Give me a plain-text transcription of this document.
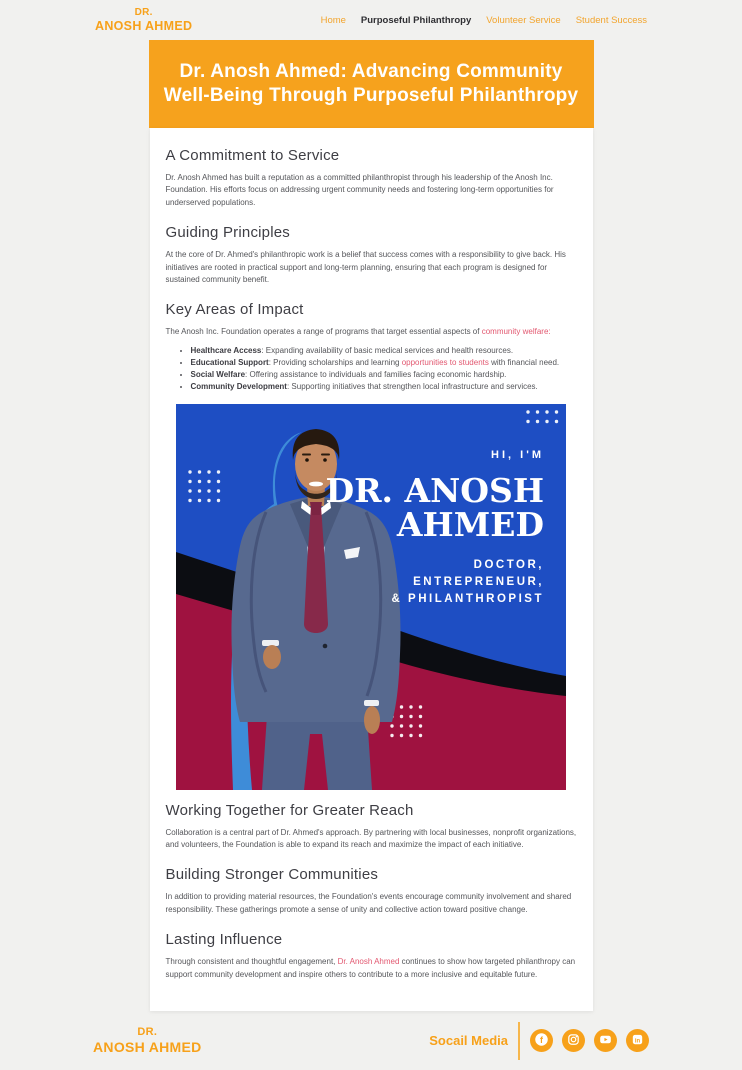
DR.
ANOSH AHMED	Home Purposeful Philanthropy Volunteer Service Student Success
Dr. Anosh Ahmed: Advancing Community Well-Being Through Purposeful Philanthropy
A Commitment to Service

Dr. Anosh Ahmed has built a reputation as a committed philanthropist through his leadership of the Anosh Inc. Foundation. His efforts focus on addressing urgent community needs and fostering long-term opportunities for underserved populations.

Guiding Principles

At the core of Dr. Ahmed's philanthropic work is a belief that success comes with a responsibility to give back. His initiatives are rooted in practical support and long-term planning, ensuring that each program is designed for sustained community benefit.

Key Areas of Impact

The Anosh Inc. Foundation operates a range of programs that target essential aspects of community welfare:

• Healthcare Access: Expanding availability of basic medical services and health resources.
• Educational Support: Providing scholarships and learning opportunities to students with financial need.
• Social Welfare: Offering assistance to individuals and families facing economic hardship.
• Community Development: Supporting initiatives that strengthen local infrastructure and services.
HI, I'M
DR. ANOSH
AHMED
DOCTOR,
ENTREPRENEUR,
& PHILANTHROPIST
Working Together for Greater Reach

Collaboration is a central part of Dr. Ahmed's approach. By partnering with local businesses, nonprofit organizations, and volunteers, the Foundation is able to expand its reach and maximize the impact of each initiative.

Building Stronger Communities

In addition to providing material resources, the Foundation's events encourage community involvement and shared responsibility. These gatherings promote a sense of unity and collective action toward positive change.

Lasting Influence

Through consistent and thoughtful engagement, Dr. Anosh Ahmed continues to show how targeted philanthropy can support community development and inspire others to contribute to a more inclusive and equitable future.

DR.
ANOSH AHMED	Socail Media f	in
